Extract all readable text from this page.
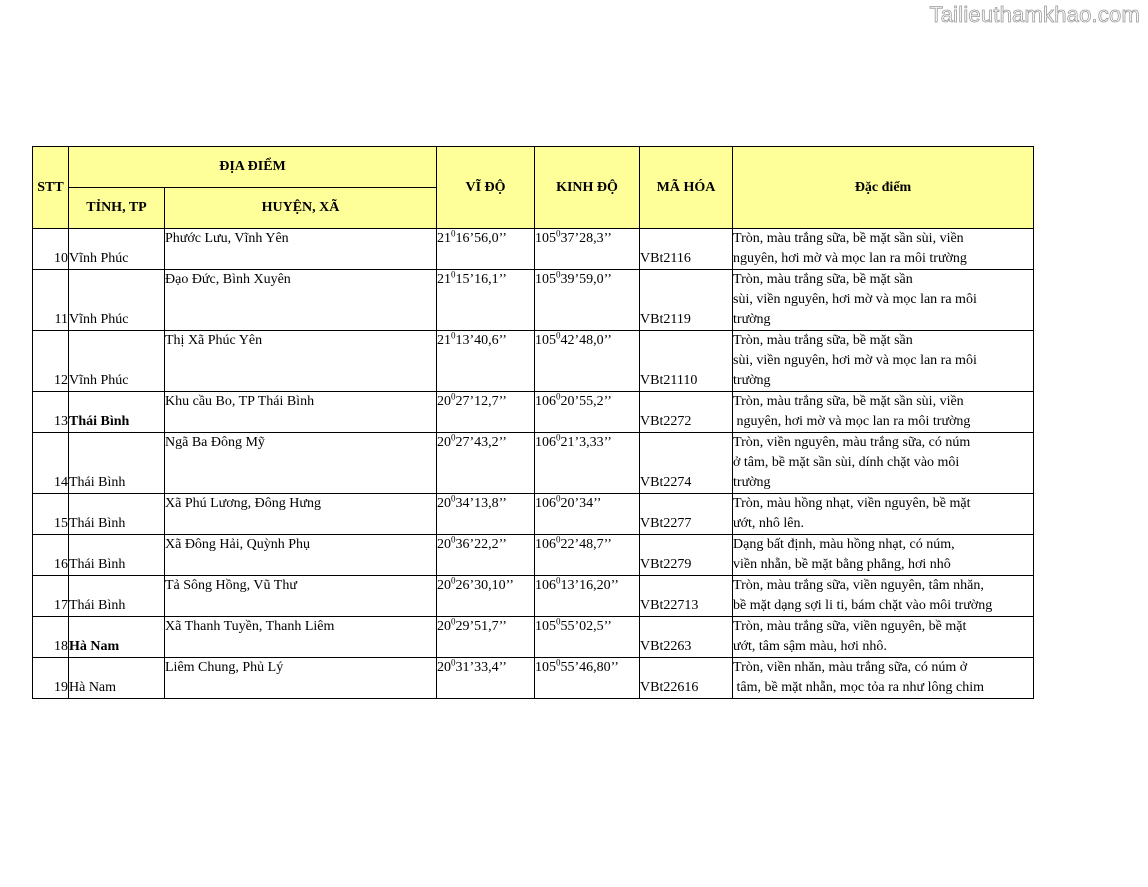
Tailieuthamkhao.com
STT	ĐỊA ĐIỂM		VĨ ĐỘ	KINH ĐỘ	MÃ HÓA	Đặc điểm
	TỈNH, TP	HUYỆN, XÃ				
10	Vĩnh Phúc	Phước Lưu, Vĩnh Yên	$21^016’56,0$’’	$105^037’28,3$’’	VBt2116	Tròn, màu trắng sữa, bề mặt sần sùi, viền
nguyên, hơi mờ và mọc lan ra môi trường

11	Vĩnh Phúc	Đạo Đức, Bình Xuyên	$21^015’16,1$’’	$105^039’59,0$’’	VBt2119	Tròn, màu trắng sữa, bề mặt sần
sùi, viền nguyên, hơi mờ và mọc lan ra môi
trường

12	Vĩnh Phúc	Thị Xã Phúc Yên	$21^013’40,6$’’	$105^042’48,0$’’	VBt21110	Tròn, màu trắng sữa, bề mặt sần
sùi, viền nguyên, hơi mờ và mọc lan ra môi
trường

13	Thái Bình	Khu cầu Bo, TP Thái Bình	$20^027’12,7$’’	$106^020’55,2$’’	VBt2272	Tròn, màu trắng sữa, bề mặt sần sùi, viền
nguyên, hơi mờ và mọc lan ra môi trường

14	Thái Bình	Ngã Ba Đông Mỹ	$20^027’43,2$’’	$106^021’3,33$’’	VBt2274	Tròn, viền nguyên, màu trắng sữa, có núm
ở tâm, bề mặt sần sùi, dính chặt vào môi
trường

15	Thái Bình	Xã Phú Lương, Đông Hưng	$20^034’13,8$’’	$106^020’34$’’	VBt2277	Tròn, màu hồng nhạt, viền nguyên, bề mặt
ướt, nhô lên.

16	Thái Bình	Xã Đông Hải, Quỳnh Phụ	$20^036’22,2$’’	$106^022’48,7$’’	VBt2279	Dạng bất định, màu hồng nhạt, có núm,
viền nhẵn, bề mặt bằng phẳng, hơi nhô

17	Thái Bình	Tả Sông Hồng, Vũ Thư	$20^026’30,10$’’	$106^013’16,20$’’	VBt22713	Tròn, màu trắng sữa, viền nguyên, tâm nhăn,
bề mặt dạng sợi li ti, bám chặt vào môi trường

18	Hà Nam	Xã Thanh Tuyền, Thanh Liêm	$20^029’51,7$’’	$105^055’02,5$’’	VBt2263	Tròn, màu trắng sữa, viền nguyên, bề mặt
ướt, tâm sậm màu, hơi nhô.

19	Hà Nam	Liêm Chung, Phủ Lý	$20^031’33,4$’’	$105^055’46,80$’’	VBt22616	Tròn, viền nhăn, màu trắng sữa, có núm ở
tâm, bề mặt nhẵn, mọc tỏa ra như lông chim
